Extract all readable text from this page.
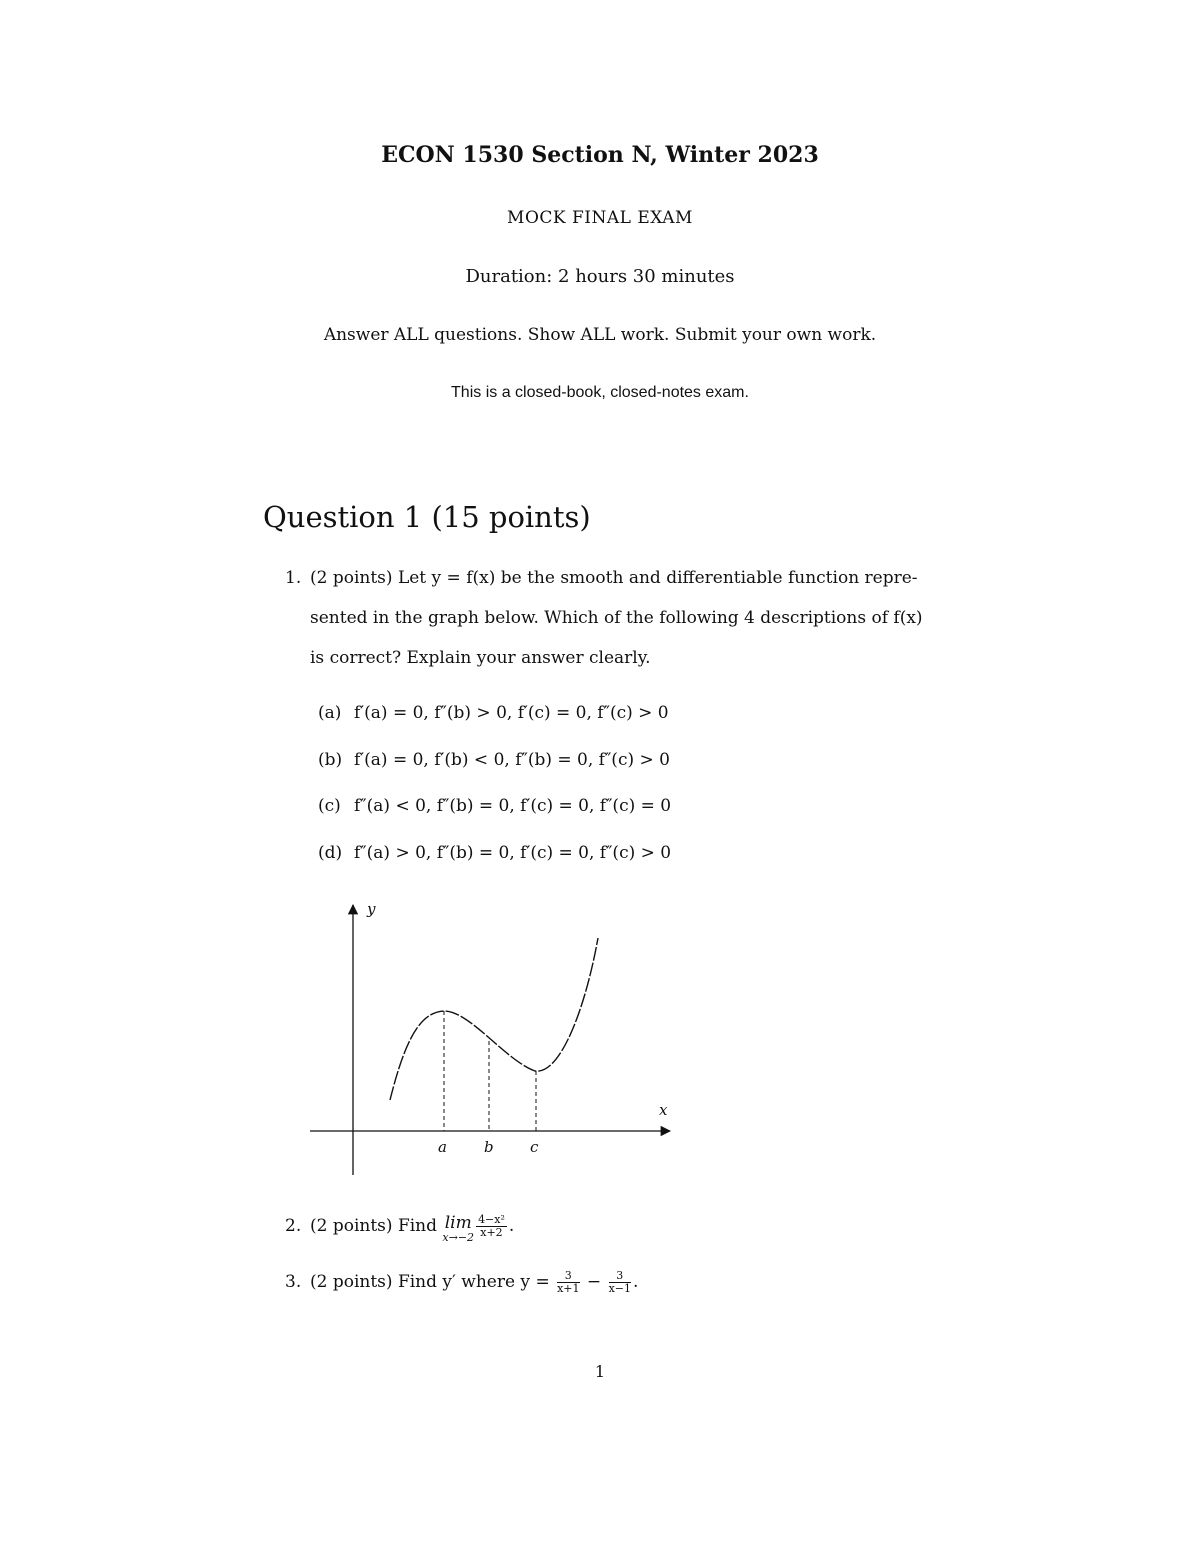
ECON 1530 Section N, Winter 2023
MOCK FINAL EXAM
Duration: 2 hours 30 minutes
Answer ALL questions. Show ALL work. Submit your own work.
This is a closed-book, closed-notes exam.
Question 1 (15 points)
1. (2 points) Let y = f(x) be the smooth and differentiable function repre-
sented in the graph below. Which of the following 4 descriptions of f(x)
is correct? Explain your answer clearly.
(a) f′(a) = 0, f″(b) > 0, f′(c) = 0, f″(c) > 0
(b) f′(a) = 0, f′(b) < 0, f″(b) = 0, f″(c) > 0
(c) f″(a) < 0, f″(b) = 0, f′(c) = 0, f″(c) = 0
(d) f″(a) > 0, f″(b) = 0, f′(c) = 0, f″(c) > 0
y
x
a b c
2. (2 points) Find lim
$x\to-2 \frac{\text{4−x²}}{x+2}$ .
3. (2 points) Find y′ where $y = \frac{3}{x+1} - \frac{3}{x-1}$ .
1
